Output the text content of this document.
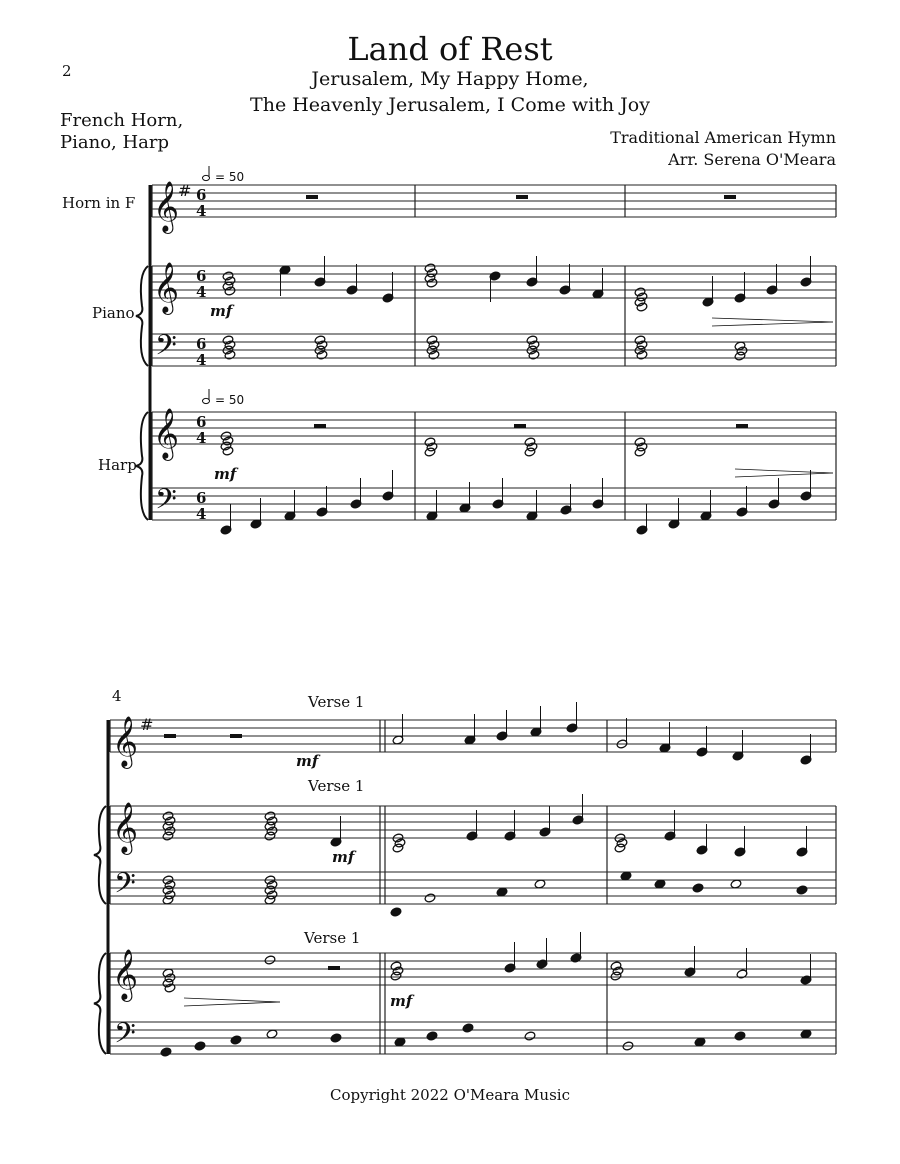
2
Land of Rest
Jerusalem, My Happy Home,
The Heavenly Jerusalem, I Come with Joy
French Horn,
Piano, Harp	Traditional American Hymn
Arr. Serena O'Meara
Copyright 2022 O'Meara Music
𝄞
𝄞
𝄢
𝄞
𝄢
# 6
4
6
4
6
4
6
4
6
4
𝄞
𝄞
𝄢
𝄞
𝄢
#
Horn in F
Piano
Harp
= 50
= 50
mf
mf
4	Verse 1
Verse 1
Verse 1
mf
mf
mf
